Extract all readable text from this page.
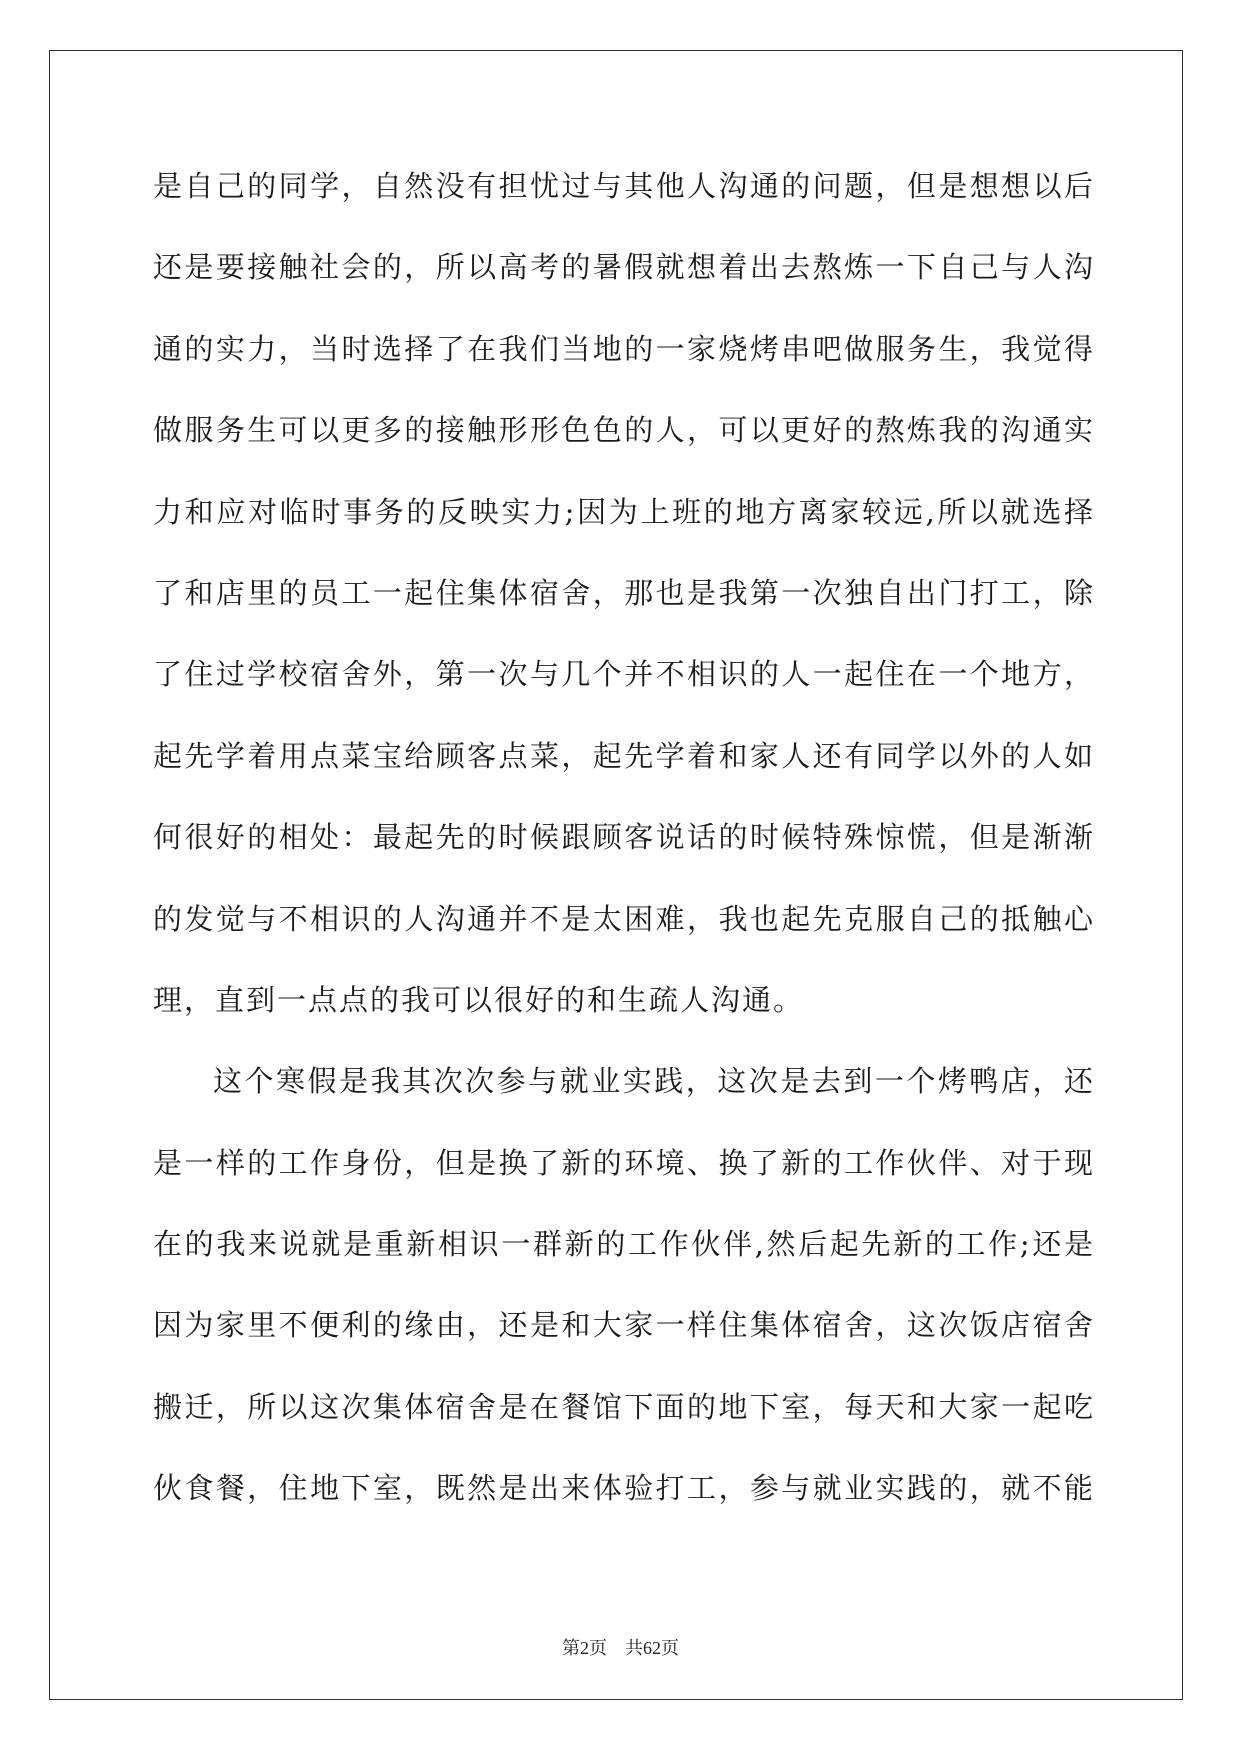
是自己的同学，自然没有担忧过与其他人沟通的问题，但是想想以后
还是要接触社会的，所以高考的暑假就想着出去熬炼一下自己与人沟
通的实力，当时选择了在我们当地的一家烧烤串吧做服务生，我觉得
做服务生可以更多的接触形形色色的人，可以更好的熬炼我的沟通实
力和应对临时事务的反映实力;因为上班的地方离家较远,所以就选择
了和店里的员工一起住集体宿舍，那也是我第一次独自出门打工，除
了住过学校宿舍外，第一次与几个并不相识的人一起住在一个地方，
起先学着用点菜宝给顾客点菜，起先学着和家人还有同学以外的人如
何很好的相处：最起先的时候跟顾客说话的时候特殊惊慌，但是渐渐
的发觉与不相识的人沟通并不是太困难，我也起先克服自己的抵触心
理，直到一点点的我可以很好的和生疏人沟通。
这个寒假是我其次次参与就业实践，这次是去到一个烤鸭店，还
是一样的工作身份，但是换了新的环境、换了新的工作伙伴、对于现
在的我来说就是重新相识一群新的工作伙伴,然后起先新的工作;还是
因为家里不便利的缘由，还是和大家一样住集体宿舍，这次饭店宿舍
搬迁，所以这次集体宿舍是在餐馆下面的地下室，每天和大家一起吃
伙食餐，住地下室，既然是出来体验打工，参与就业实践的，就不能
第2页 共62页
